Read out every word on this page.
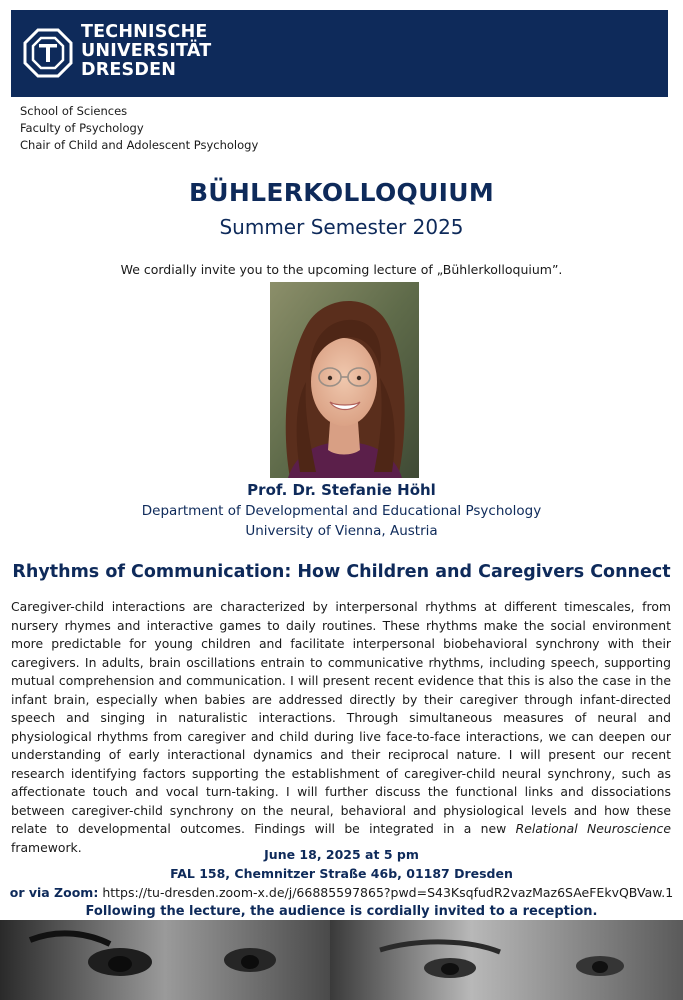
TECHNISCHE
UNIVERSITÄT
DRESDEN
School of Sciences
Faculty of Psychology
Chair of Child and Adolescent Psychology
BÜHLERKOLLOQUIUM
Summer Semester 2025
We cordially invite you to the upcoming lecture of „Bühlerkolloquium”.
Prof. Dr. Stefanie Höhl
Department of Developmental and Educational Psychology
University of Vienna, Austria
Rhythms of Communication: How Children and Caregivers Connect
Caregiver-child interactions are characterized by interpersonal rhythms at different timescales, from nursery rhymes and interactive games to daily routines. These rhythms make the social environment more predictable for young children and facilitate interpersonal biobehavioral synchrony with their caregivers. In adults, brain oscillations entrain to communicative rhythms, including speech, supporting mutual comprehension and communication. I will present recent evidence that this is also the case in the infant brain, especially when babies are addressed directly by their caregiver through infant-directed speech and singing in naturalistic interactions. Through simultaneous measures of neural and physiological rhythms from caregiver and child during live face-to-face interactions, we can deepen our understanding of early interactional dynamics and their reciprocal nature. I will present our recent research identifying factors supporting the establishment of caregiver-child neural synchrony, such as affectionate touch and vocal turn-taking. I will further discuss the functional links and dissociations between caregiver-child synchrony on the neural, behavioral and physiological levels and how these relate to developmental outcomes. Findings will be integrated in a new Relational Neuroscience framework.	June 18, 2025 at 5 pm
FAL 158, Chemnitzer Straße 46b, 01187 Dresden
or via Zoom: https://tu-dresden.zoom-x.de/j/66885597865?pwd=S43KsqfudR2vazMaz6SAeFEkvQBVaw.1
Following the lecture, the audience is cordially invited to a reception.
